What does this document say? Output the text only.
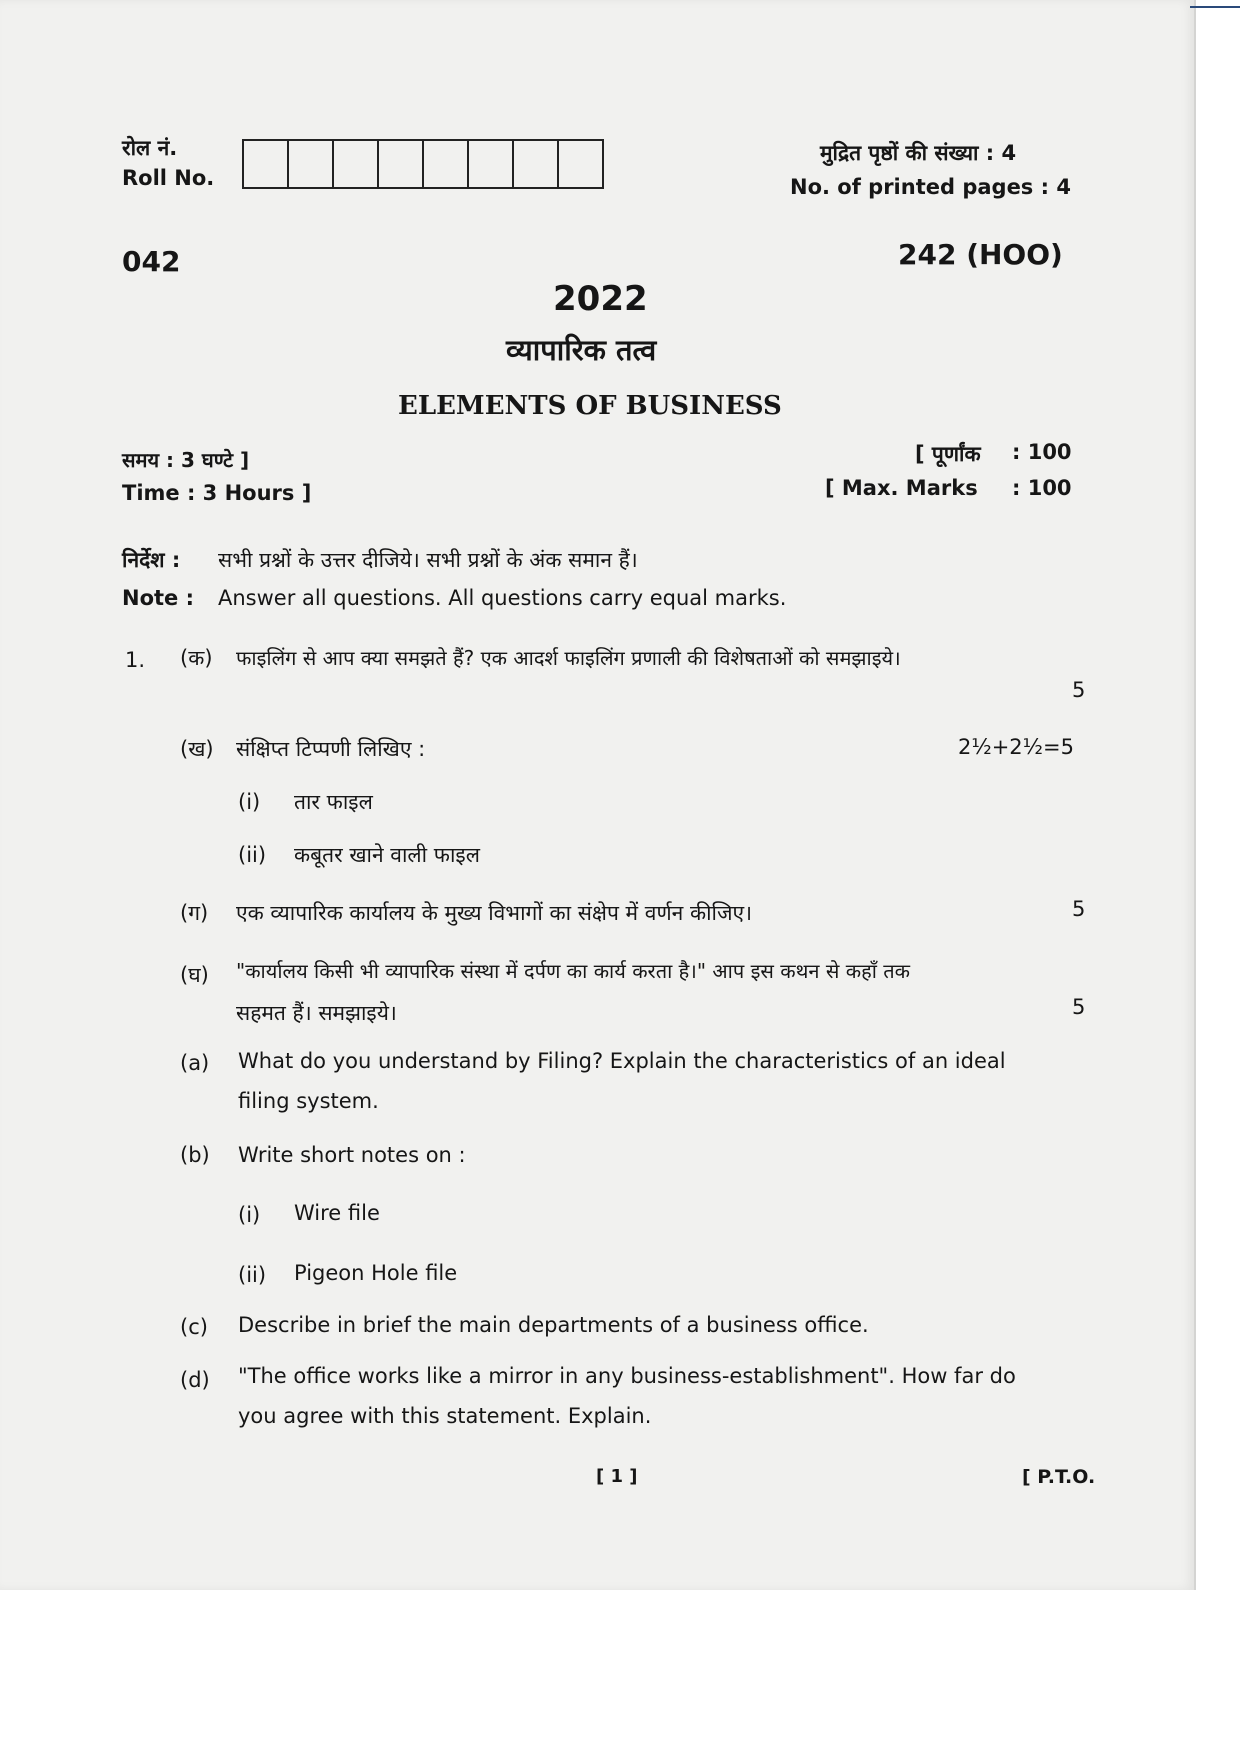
रोल नं.
Roll No.
मुद्रित पृष्ठों की संख्या : 4
No. of printed pages : 4
042	242 (HOO)
2022
व्यापारिक तत्व
ELEMENTS OF BUSINESS
समय : 3 घण्टे ]
Time : 3 Hours ]
[ पूर्णांक : 100
[ Max. Marks : 100
निर्देश : सभी प्रश्नों के उत्तर दीजिये। सभी प्रश्नों के अंक समान हैं।
Note : Answer all questions. All questions carry equal marks.
1. (क) फाइलिंग से आप क्या समझते हैं? एक आदर्श फाइलिंग प्रणाली की विशेषताओं को समझाइये।
5
(ख) संक्षिप्त टिप्पणी लिखिए :	2½+2½=5
(i) तार फाइल
(ii) कबूतर खाने वाली फाइल
(ग) एक व्यापारिक कार्यालय के मुख्य विभागों का संक्षेप में वर्णन कीजिए।	5
(घ) "कार्यालय किसी भी व्यापारिक संस्था में दर्पण का कार्य करता है।" आप इस कथन से कहाँ तक
सहमत हैं। समझाइये।	5
(a) What do you understand by Filing? Explain the characteristics of an ideal
filing system.
(b) Write short notes on :
(i) Wire file
(ii) Pigeon Hole file
(c) Describe in brief the main departments of a business office.
(d) "The office works like a mirror in any business-establishment". How far do
you agree with this statement. Explain.
[ 1 ]	[ P.T.O.
